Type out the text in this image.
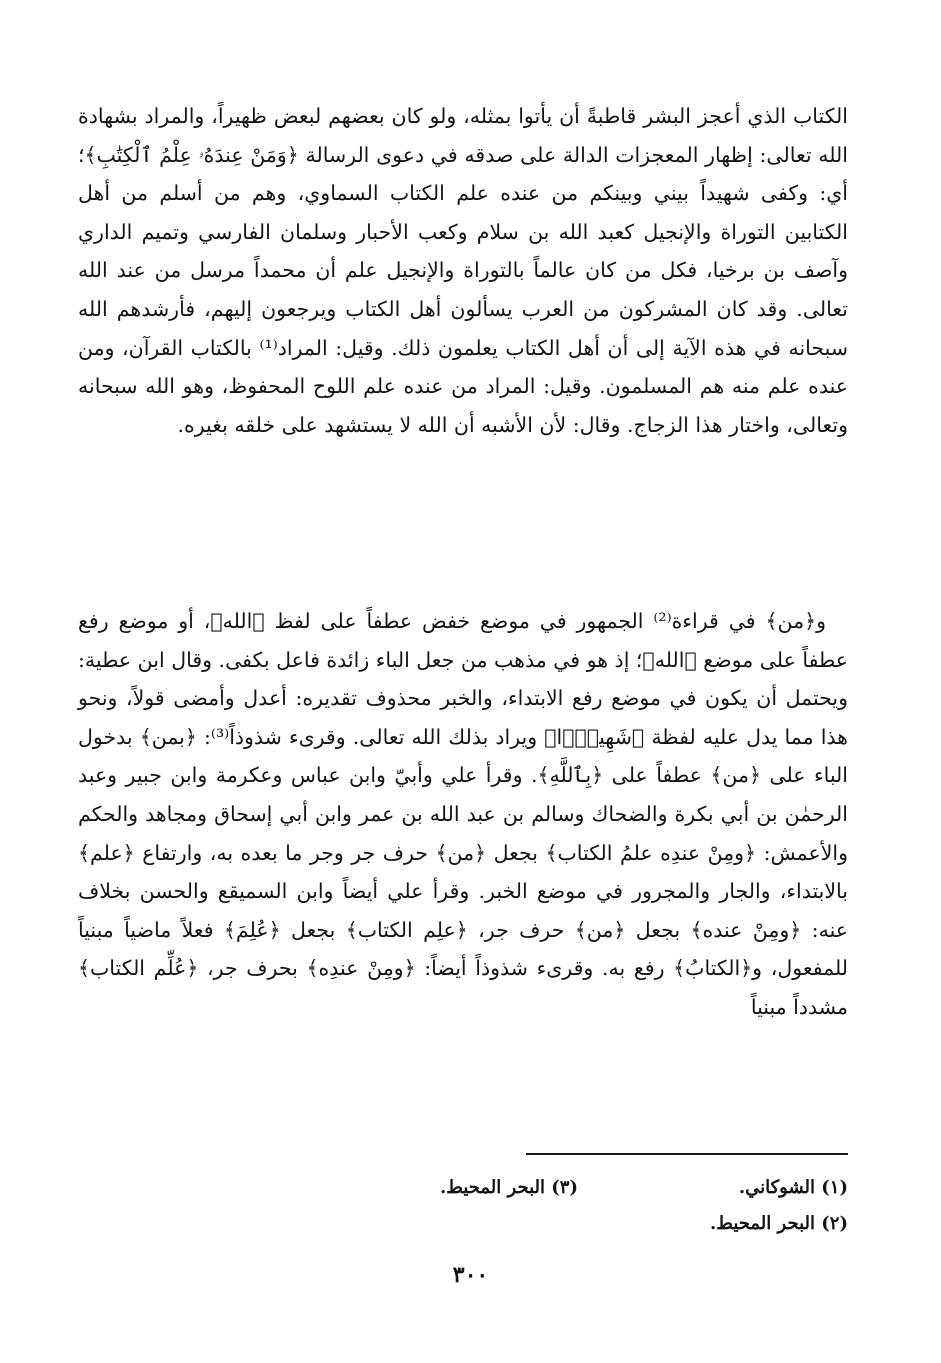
الكتاب الذي أعجز البشر قاطبةً أن يأتوا بمثله، ولو كان بعضهم لبعض ظهيراً، والمراد بشهادة الله تعالى: إظهار المعجزات الدالة على صدقه في دعوى الرسالة ﴿وَمَنْ عِندَهُۥ عِلْمُ ٱلْكِتَٰبِ﴾؛ أي: وكفى شهيداً بيني وبينكم من عنده علم الكتاب السماوي، وهم من أسلم من أهل الكتابين التوراة والإنجيل كعبد الله بن سلام وكعب الأحبار وسلمان الفارسي وتميم الداري وآصف بن برخيا، فكل من كان عالماً بالتوراة والإنجيل علم أن محمداً مرسل من عند الله تعالى. وقد كان المشركون من العرب يسألون أهل الكتاب ويرجعون إليهم، فأرشدهم الله سبحانه في هذه الآية إلى أن أهل الكتاب يعلمون ذلك. وقيل: المراد⁽¹⁾ بالكتاب القرآن، ومن عنده علم منه هم المسلمون. وقيل: المراد من عنده علم اللوح المحفوظ، وهو الله سبحانه وتعالى، واختار هذا الزجاج. وقال: لأن الأشبه أن الله لا يستشهد على خلقه بغيره.

و﴿من﴾ في قراءة⁽²⁾ الجمهور في موضع خفض عطفاً على لفظ ﴿الله﴾، أو موضع رفع عطفاً على موضع ﴿الله﴾؛ إذ هو في مذهب من جعل الباء زائدة فاعل بكفى. وقال ابن عطية: ويحتمل أن يكون في موضع رفع الابتداء، والخبر محذوف تقديره: أعدل وأمضى قولاً، ونحو هذا مما يدل عليه لفظة ﴿شَهِيدًۢا﴾ ويراد بذلك الله تعالى. وقرىء شذوذاً⁽³⁾: ﴿بمن﴾ بدخول الباء على ﴿من﴾ عطفاً على ﴿بِٱللَّهِ﴾. وقرأ علي وأبيّ وابن عباس وعكرمة وابن جبير وعبد الرحمٰن بن أبي بكرة والضحاك وسالم بن عبد الله بن عمر وابن أبي إسحاق ومجاهد والحكم والأعمش: ﴿ومِنْ عندِه علمُ الكتاب﴾ بجعل ﴿من﴾ حرف جر وجر ما بعده به، وارتفاع ﴿علم﴾ بالابتداء، والجار والمجرور في موضع الخبر. وقرأ علي أيضاً وابن السميقع والحسن بخلاف عنه: ﴿ومِنْ عنده﴾ بجعل ﴿من﴾ حرف جر، ﴿علِم الكتاب﴾ بجعل ﴿عُلِمَ﴾ فعلاً ماضياً مبنياً للمفعول، و﴿الكتابُ﴾ رفع به. وقرىء شذوذاً أيضاً: ﴿ومِنْ عندِه﴾ بحرف جر، ﴿عُلِّم الكتاب﴾ مشدداً مبنياً

(١) الشوكاني.
(٣) البحر المحيط.
(٢) البحر المحيط.
٣٠٠
